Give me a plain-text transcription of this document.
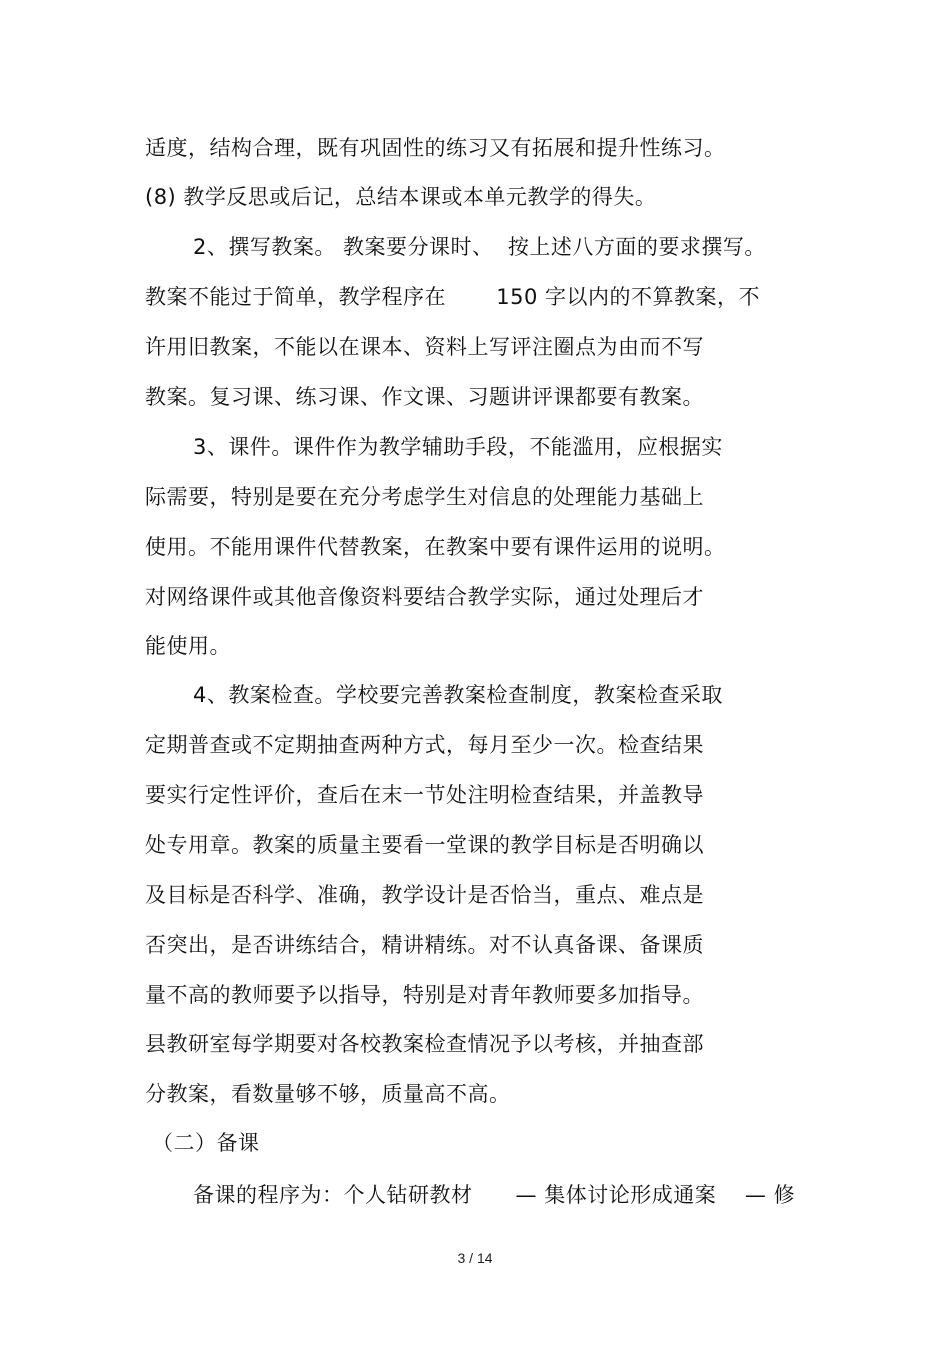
适度，结构合理，既有巩固性的练习又有拓展和提升性练习。
(8) 教学反思或后记，总结本课或本单元教学的得失。
2、撰写教案。 教案要分课时、  按上述八方面的要求撰写。
教案不能过于简单，教学程序在       150 字以内的不算教案，不
许用旧教案，不能以在课本、资料上写评注圈点为由而不写
教案。复习课、练习课、作文课、习题讲评课都要有教案。
3、课件。课件作为教学辅助手段，不能滥用，应根据实
际需要，特别是要在充分考虑学生对信息的处理能力基础上
使用。不能用课件代替教案，在教案中要有课件运用的说明。
对网络课件或其他音像资料要结合教学实际，通过处理后才
能使用。
4、教案检查。学校要完善教案检查制度，教案检查采取
定期普查或不定期抽查两种方式，每月至少一次。检查结果
要实行定性评价，查后在末一节处注明检查结果，并盖教导
处专用章。教案的质量主要看一堂课的教学目标是否明确以
及目标是否科学、准确，教学设计是否恰当，重点、难点是
否突出，是否讲练结合，精讲精练。对不认真备课、备课质
量不高的教师要予以指导，特别是对青年教师要多加指导。
县教研室每学期要对各校教案检查情况予以考核，并抽查部
分教案，看数量够不够，质量高不高。
（二）备课
备课的程序为：个人钻研教材      — 集体讨论形成通案    — 修
3 / 14
